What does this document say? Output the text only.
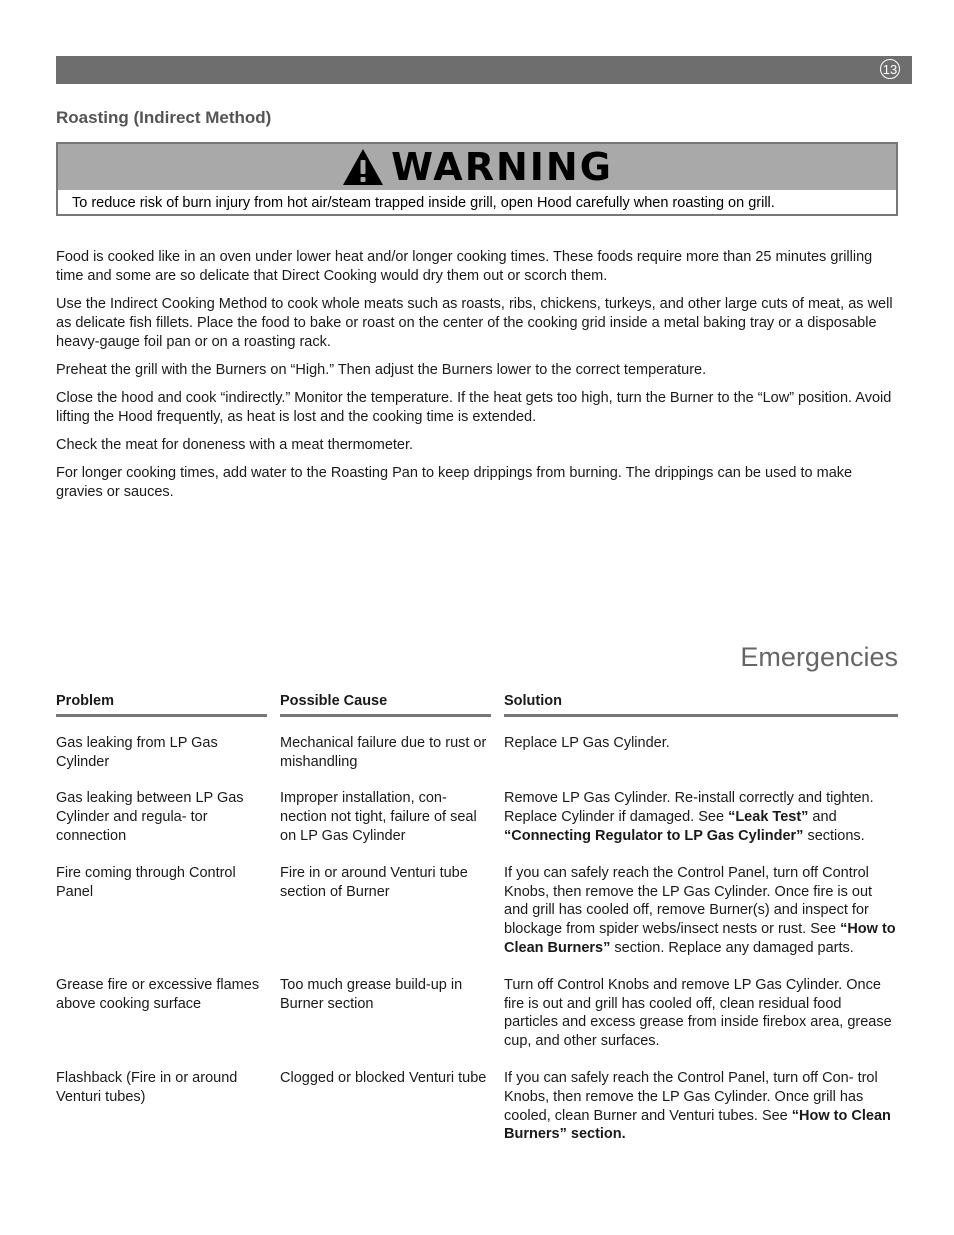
13
Roasting (Indirect Method)
WARNING
To reduce risk of burn injury from hot air/steam trapped inside grill, open Hood carefully when roasting on grill.

Food is cooked like in an oven under lower heat and/or longer cooking times. These foods require more than 25 minutes grilling time and some are so delicate that Direct Cooking would dry them out or scorch them.

Use the Indirect Cooking Method to cook whole meats such as roasts, ribs, chickens, turkeys, and other large cuts of meat, as well as delicate fish fillets. Place the food to bake or roast on the center of the cooking grid inside a metal baking tray or a disposable heavy-gauge foil pan or on a roasting rack.

Preheat the grill with the Burners on “High.” Then adjust the Burners lower to the correct temperature.

Close the hood and cook “indirectly.” Monitor the temperature. If the heat gets too high, turn the Burner to the “Low” position. Avoid lifting the Hood frequently, as heat is lost and the cooking time is extended.

Check the meat for doneness with a meat thermometer.

For longer cooking times, add water to the Roasting Pan to keep drippings from burning. The drippings can be used to make gravies or sauces.

Emergencies
Problem		Possible Cause		Solution
Gas leaking from LP Gas Cylinder		Mechanical failure due to rust or mishandling		Replace LP Gas Cylinder.
Gas leaking between LP Gas Cylinder and regula- tor connection		Improper installation, con- nection not tight, failure of seal on LP Gas Cylinder		Remove LP Gas Cylinder. Re-install correctly and tighten. Replace Cylinder if damaged. See “Leak Test” and “Connecting Regulator to LP Gas Cylinder” sections.
Fire coming through Control Panel		Fire in or around Venturi tube section of Burner		If you can safely reach the Control Panel, turn off Control Knobs, then remove the LP Gas Cylinder. Once fire is out and grill has cooled off, remove Burner(s) and inspect for blockage from spider webs/insect nests or rust. See “How to Clean Burners” section. Replace any damaged parts.
Grease fire or excessive flames above cooking surface		Too much grease build-up in Burner section		Turn off Control Knobs and remove LP Gas Cylinder. Once fire is out and grill has cooled off, clean residual food particles and excess grease from inside firebox area, grease cup, and other surfaces.
Flashback (Fire in or around Venturi tubes)		Clogged or blocked Venturi tube		If you can safely reach the Control Panel, turn off Con- trol Knobs, then remove the LP Gas Cylinder. Once grill has cooled, clean Burner and Venturi tubes. See “How to Clean Burners” section.
